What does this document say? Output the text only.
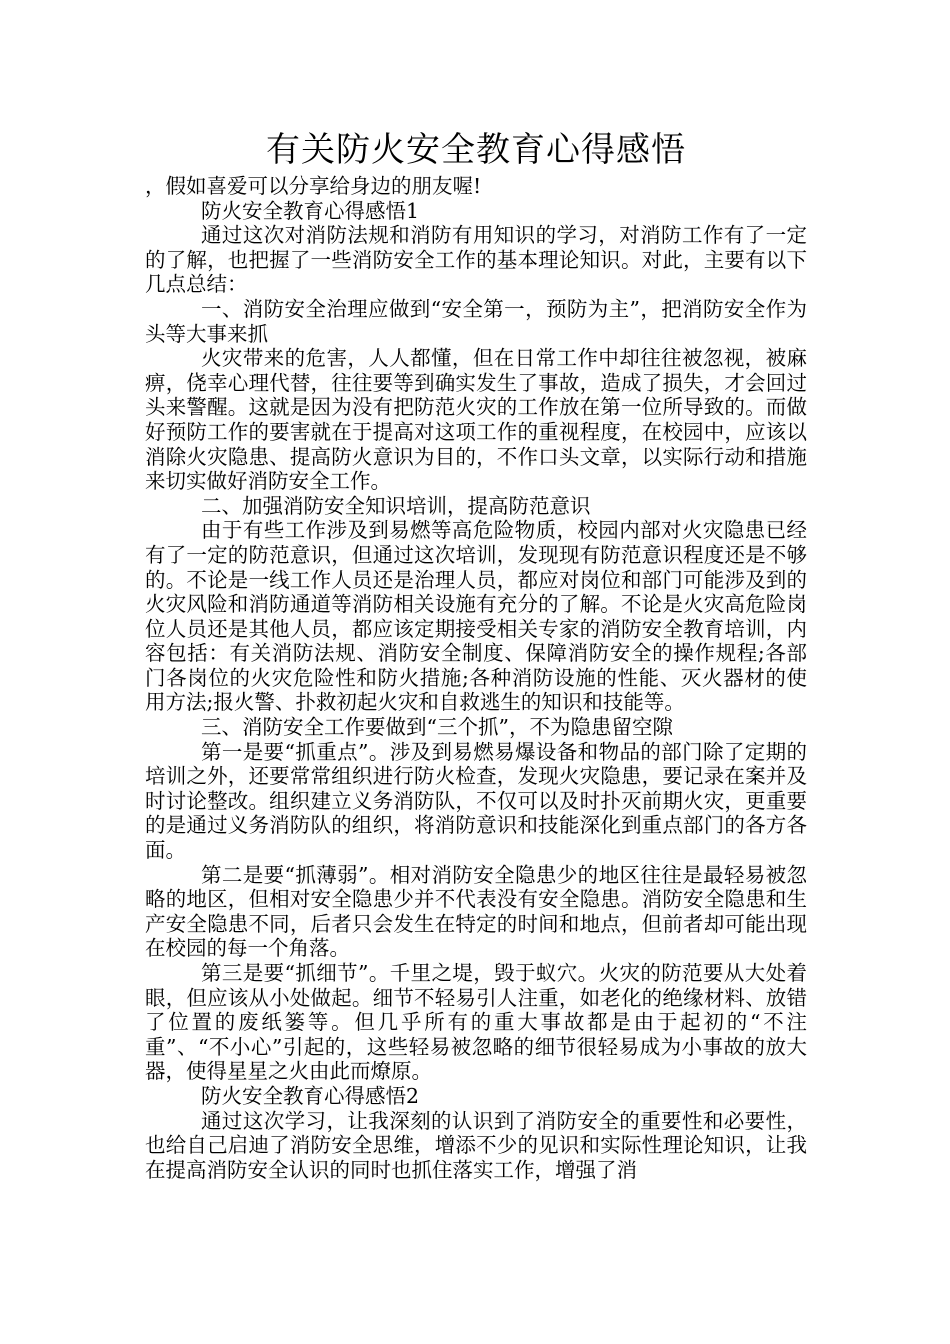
有关防火安全教育心得感悟

，假如喜爱可以分享给身边的朋友喔!

防火安全教育心得感悟1

通过这次对消防法规和消防有用知识的学习，对消防工作有了一定的了解，也把握了一些消防安全工作的基本理论知识。对此，主要有以下几点总结：

一、消防安全治理应做到“安全第一，预防为主”，把消防安全作为头等大事来抓

火灾带来的危害，人人都懂，但在日常工作中却往往被忽视，被麻痹，侥幸心理代替，往往要等到确实发生了事故，造成了损失，才会回过头来警醒。这就是因为没有把防范火灾的工作放在第一位所导致的。而做好预防工作的要害就在于提高对这项工作的重视程度，在校园中，应该以消除火灾隐患、提高防火意识为目的，不作口头文章，以实际行动和措施来切实做好消防安全工作。

二、加强消防安全知识培训，提高防范意识

由于有些工作涉及到易燃等高危险物质，校园内部对火灾隐患已经有了一定的防范意识，但通过这次培训，发现现有防范意识程度还是不够的。不论是一线工作人员还是治理人员，都应对岗位和部门可能涉及到的火灾风险和消防通道等消防相关设施有充分的了解。不论是火灾高危险岗位人员还是其他人员，都应该定期接受相关专家的消防安全教育培训，内容包括：有关消防法规、消防安全制度、保障消防安全的操作规程;各部门各岗位的火灾危险性和防火措施;各种消防设施的性能、灭火器材的使用方法;报火警、扑救初起火灾和自救逃生的知识和技能等。

三、消防安全工作要做到“三个抓”，不为隐患留空隙

第一是要“抓重点”。涉及到易燃易爆设备和物品的部门除了定期的培训之外，还要常常组织进行防火检查，发现火灾隐患，要记录在案并及时讨论整改。组织建立义务消防队，不仅可以及时扑灭前期火灾，更重要的是通过义务消防队的组织，将消防意识和技能深化到重点部门的各方各面。

第二是要“抓薄弱”。相对消防安全隐患少的地区往往是最轻易被忽略的地区，但相对安全隐患少并不代表没有安全隐患。消防安全隐患和生产安全隐患不同，后者只会发生在特定的时间和地点，但前者却可能出现在校园的每一个角落。

第三是要“抓细节”。千里之堤，毁于蚁穴。火灾的防范要从大处着眼，但应该从小处做起。细节不轻易引人注重，如老化的绝缘材料、放错了位置的废纸篓等。但几乎所有的重大事故都是由于起初的“不注重”、“不小心”引起的，这些轻易被忽略的细节很轻易成为小事故的放大器，使得星星之火由此而燎原。

防火安全教育心得感悟2

通过这次学习，让我深刻的认识到了消防安全的重要性和必要性，也给自己启迪了消防安全思维，增添不少的见识和实际性理论知识，让我在提高消防安全认识的同时也抓住落实工作，增强了消
